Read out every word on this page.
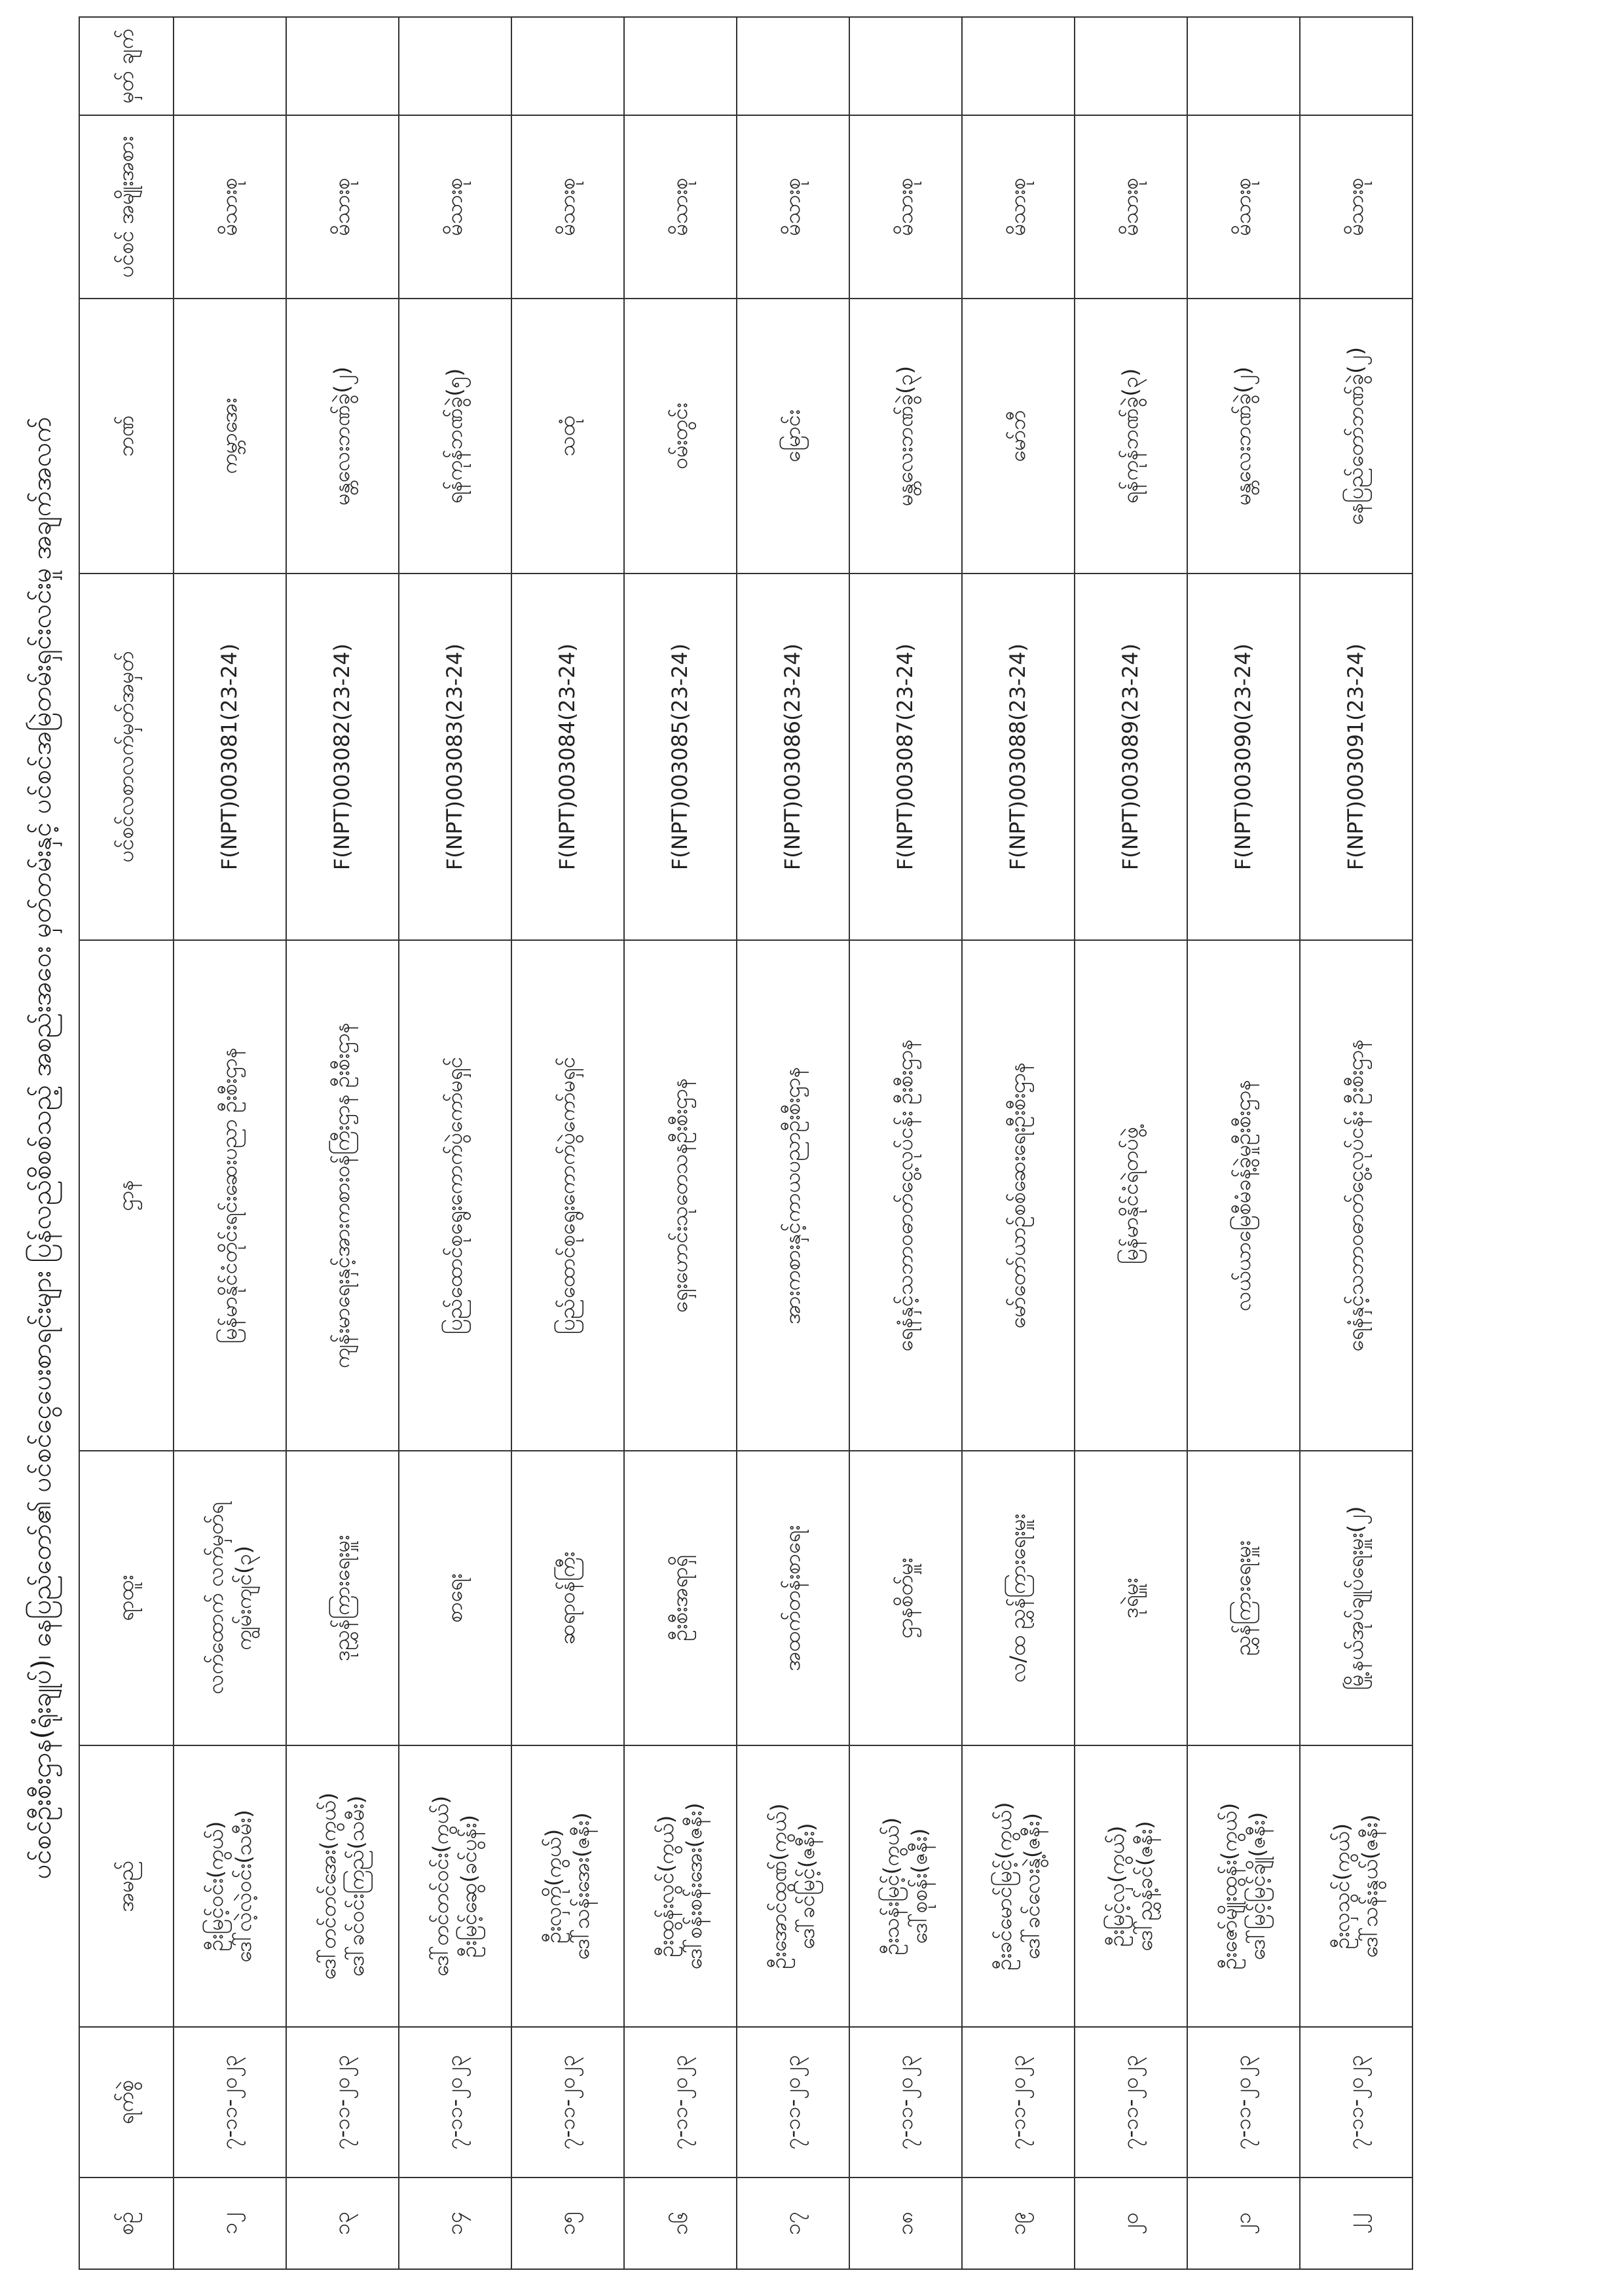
ပင်စင်ဦးစီးဌာန(ရုံးချုပ်)၊ နေပြည်တော်၏ ပင်စင်ငွေပေးစာရင်းများ ပြန်လည်စိစစ်သည့် အစည်းအဝေး မှတ်တမ်းနှင့် ပင်စင်အမြဲတမ်းရှင်းလင်းမှု အချက်အလက်
စဉ်	ရက်စွဲ	အမည်	ရာထူး	ဌာန	ပင်စင်လစာလက်မှတ်အမှတ်	ဘဏ်	ပင်စင် အမျိုးအစား	မှတ် ချက်
၁၂	၇-၁၁-၂၀၂၃	ဦးမြင့်ဝင်း(ကွယ်) ဒေါ်လဲ့လဲ့ဝင်း(သမီး)	လက်ထောက် လက်မှတ်ရကျွမ်းကျင်(၃)	မြန်မာနိုင်ငံတိုင်းရင်းဆေးပညာ ဦးစီးဌာန	F(NPT)003081(23-24)	ကမ္ဘာအေး	မိသားစု	
၁၃	၇-၁၁-၂၀၂၃	ဒေါ်တင်တင်အေး(ကွယ်) ဒေါ်ခင်ဝင်းကြည်(သမီး)	ဒုညွှန်ကြားရေးမှူး	ကျန်းမာရေးနှင့်အားကစားဝန်ကြီးဌာန ဦးစီးဌာန	F(NPT)003082(23-24)	မန္တလေးဘဏ်ခွဲ(၂)	မိသားစု	
၁၄	၇-၁၁-၂၀၂၃	ဒေါ်တင်တင်ဝင်း(ကွယ်) ဦးမြင့်ဆွေ(ခင်ပွန်း)	စာရေး	ပြည်ထောင်စုရွေးကောက်ပွဲကော်မရှင်	F(NPT)003083(23-24)	ရန်ကုန်ဘဏ်ခွဲ(၅)	မိသားစု	
၁၅	၇-၁၁-၂၀၂၃	ဦးလှကို(ကွယ်) ဒေါ်သန်းအေး(ဇနီး)	ဆရာဝန်ကြီး	ပြည်ထောင်စုရွေးကောက်ပွဲကော်မရှင်	F(NPT)003084(23-24)	သထုံ	မိသားစု	
၁၆	၇-၁၁-၂၀၂၃	ဦးထွန်းလွင်(ကွယ်) ဒေါ်စန်းစန်းအေး(ဇနီး)	ဦးစီးအရာရှိ	ရှေးဟောင်းသုတေသနဦးစီးဌာန	F(NPT)003085(23-24)	ဝမ်းတွင်း	မိသားစု	
၁၇	၇-၁၁-၂၀၂၃	ဦးအောင်ထွဏ်(ကွယ်) ဒေါ်ခင်မြင့်(ဇနီး)	အထက်တန်းစာရေး	အားကစားနှင့်ကာယပညာဦးစီးဌာန	F(NPT)003086(23-24)	မြောင်း	မိသားစု	
၁၈	၇-၁၁-၂၀၂၃	ဦးသန်းမြင့်(ကွယ်) ဒေါ်စုစန်း(ဇနီး)	ဌာနစိတ်မှူး	ရေနံနှင့်သဘာဝဓာတ်ငွေ့လုပ်ငန်း ဦးစီးဌာန	F(NPT)003087(23-24)	မန္တလေးဘဏ်ခွဲ(၃)	မိသားစု	
၁၉	၇-၁၁-၂၀၂၃	ဦးခင်မောင်မြင့်(ကွယ်) ဒေါ်ခင်လေးနွဲ့(ဇနီး)	လ/ထ ညွှန်ကြားရေးမှူး	မော်တော်ယာဉ်စစ်ဆေးရေးဦးစီးဌာန	F(NPT)003088(23-24)	မော်ဘီ	မိသားစု	
၂၀	၇-၁၁-၂၀၂၃	ဦးမြင့်လှ(ကွယ်) ဒေါ်ညွှန့်ခင်(ဇနီး)	ဒုရဲမှူး	မြန်မာနိုင်ငံရဲတပ်ဖွဲ့	F(NPT)003089(23-24)	ရန်ကုန်ဘဏ်ခွဲ(၃)	မိသားစု	
၂၁	၇-၁၁-၂၀၂၃	ဦးဇော်မျိုးထွန်း(ကွယ်) ဒေါ်မြင့်မြင့်ချို(ဇနီး)	ညွှန်ကြားရေးမှူး	လယ်ယာမြေစီမံခန့်ခွဲမှုဦးစီးဌာန	F(NPT)003090(23-24)	မန္တလေးဘဏ်ခွဲ(၂)	မိသားစု	
၂၂	၇-၁၁-၂၀၂၃	ဦးလှသွင်(ကွယ်) ဒေါ်သန်းနွယ်(ဇနီး)	မြို့နယ်အုပ်ချုပ်ရေးမှူး(၂)	ရေနံနှင့်သဘာဝဓာတ်ငွေ့လုပ်ငန်း ဦးစီးဌာန	F(NPT)003091(23-24)	နေပြည်တော်ဘဏ်ခွဲ(၂)	မိသားစု	
